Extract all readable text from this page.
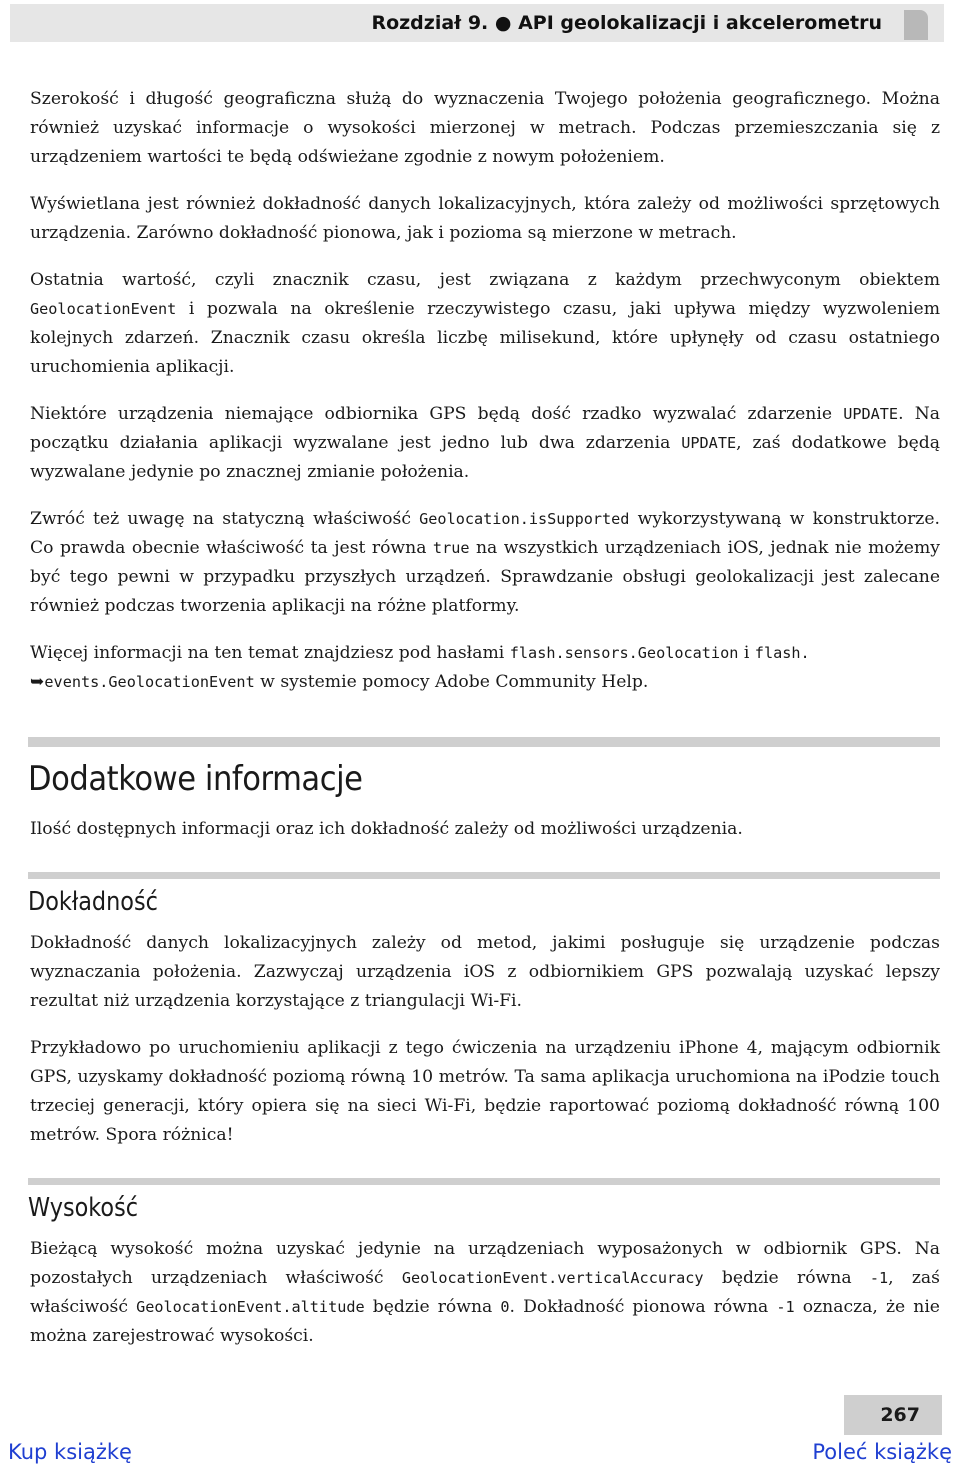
Rozdział 9. ● API geolokalizacji i akcelerometru

Szerokość i długość geograficzna służą do wyznaczenia Twojego położenia geograficznego. Można również uzyskać informacje o wysokości mierzonej w metrach. Podczas przemieszczania się z urządzeniem wartości te będą odświeżane zgodnie z nowym położeniem.

Wyświetlana jest również dokładność danych lokalizacyjnych, która zależy od możliwości sprzętowych urządzenia. Zarówno dokładność pionowa, jak i pozioma są mierzone w metrach.

Ostatnia wartość, czyli znacznik czasu, jest związana z każdym przechwyconym obiektem GeolocationEvent i pozwala na określenie rzeczywistego czasu, jaki upływa między wyzwoleniem kolejnych zdarzeń. Znacznik czasu określa liczbę milisekund, które upłynęły od czasu ostatniego uruchomienia aplikacji.

Niektóre urządzenia niemające odbiornika GPS będą dość rzadko wyzwalać zdarzenie UPDATE. Na początku działania aplikacji wyzwalane jest jedno lub dwa zdarzenia UPDATE, zaś dodatkowe będą wyzwalane jedynie po znacznej zmianie położenia.

Zwróć też uwagę na statyczną właściwość Geolocation.isSupported wykorzystywaną w konstruktorze. Co prawda obecnie właściwość ta jest równa true na wszystkich urządzeniach iOS, jednak nie możemy być tego pewni w przypadku przyszłych urządzeń. Sprawdzanie obsługi geolokalizacji jest zalecane również podczas tworzenia aplikacji na różne platformy.

Więcej informacji na ten temat znajdziesz pod hasłami flash.sensors.Geolocation i flash.
➥events.GeolocationEvent w systemie pomocy Adobe Community Help.

Dodatkowe informacje

Ilość dostępnych informacji oraz ich dokładność zależy od możliwości urządzenia.

Dokładność

Dokładność danych lokalizacyjnych zależy od metod, jakimi posługuje się urządzenie podczas wyznaczania położenia. Zazwyczaj urządzenia iOS z odbiornikiem GPS pozwalają uzyskać lepszy rezultat niż urządzenia korzystające z triangulacji Wi-Fi.

Przykładowo po uruchomieniu aplikacji z tego ćwiczenia na urządzeniu iPhone 4, mającym odbiornik GPS, uzyskamy dokładność poziomą równą 10 metrów. Ta sama aplikacja uruchomiona na iPodzie touch trzeciej generacji, który opiera się na sieci Wi-Fi, będzie raportować poziomą dokładność równą 100 metrów. Spora różnica!

Wysokość

Bieżącą wysokość można uzyskać jedynie na urządzeniach wyposażonych w odbiornik GPS. Na pozostałych urządzeniach właściwość GeolocationEvent.verticalAccuracy będzie równa -1, zaś właściwość GeolocationEvent.altitude będzie równa 0. Dokładność pionowa równa -1 oznacza, że nie można zarejestrować wysokości.

267
Kup książkę	Poleć książkę
